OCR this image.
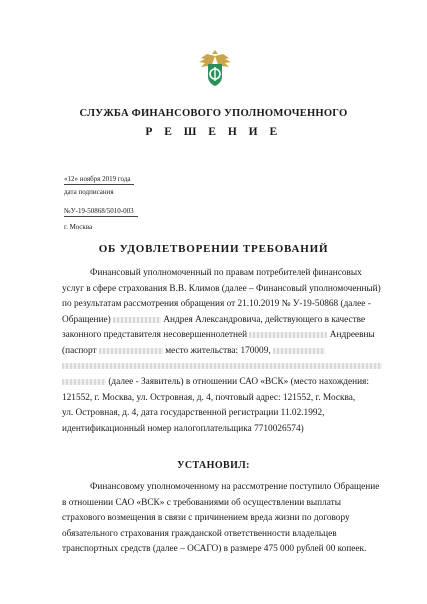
СЛУЖБА ФИНАНСОВОГО УПОЛНОМОЧЕННОГО
Р Е Ш Е Н И Е
«12» ноября 2019 года
дата подписания
№У-19-50868/5010-003
г. Москва
ОБ УДОВЛЕТВОРЕНИИ ТРЕБОВАНИЙ

Финансовый уполномоченный по правам потребителей финансовых

услуг в сфере страхования В.В. Климов (далее – Финансовый уполномоченный)
по результатам рассмотрения обращения от 21.10.2019 № У-19-50868 (далее -
Обращение)	Андрея Александровича, действующего в качестве
законного представителя несовершеннолетней	Андреевны
(паспорт	место жительства: 170009,
(далее - Заявитель) в отношении САО «ВСК» (место нахождения:
121552, г. Москва, ул. Островная, д. 4, почтовый адрес: 121552, г. Москва,
ул. Островная, д. 4, дата государственной регистрации 11.02.1992,
идентификационный номер налогоплательщика 7710026574)
УСТАНОВИЛ:

Финансовому уполномоченному на рассмотрение поступило Обращение

в отношении САО «ВСК» с требованиями об осуществлении выплаты
страхового возмещения в связи с причинением вреда жизни по договору
обязательного страхования гражданской ответственности владельцев
транспортных средств (далее – ОСАГО) в размере 475 000 рублей 00 копеек.
